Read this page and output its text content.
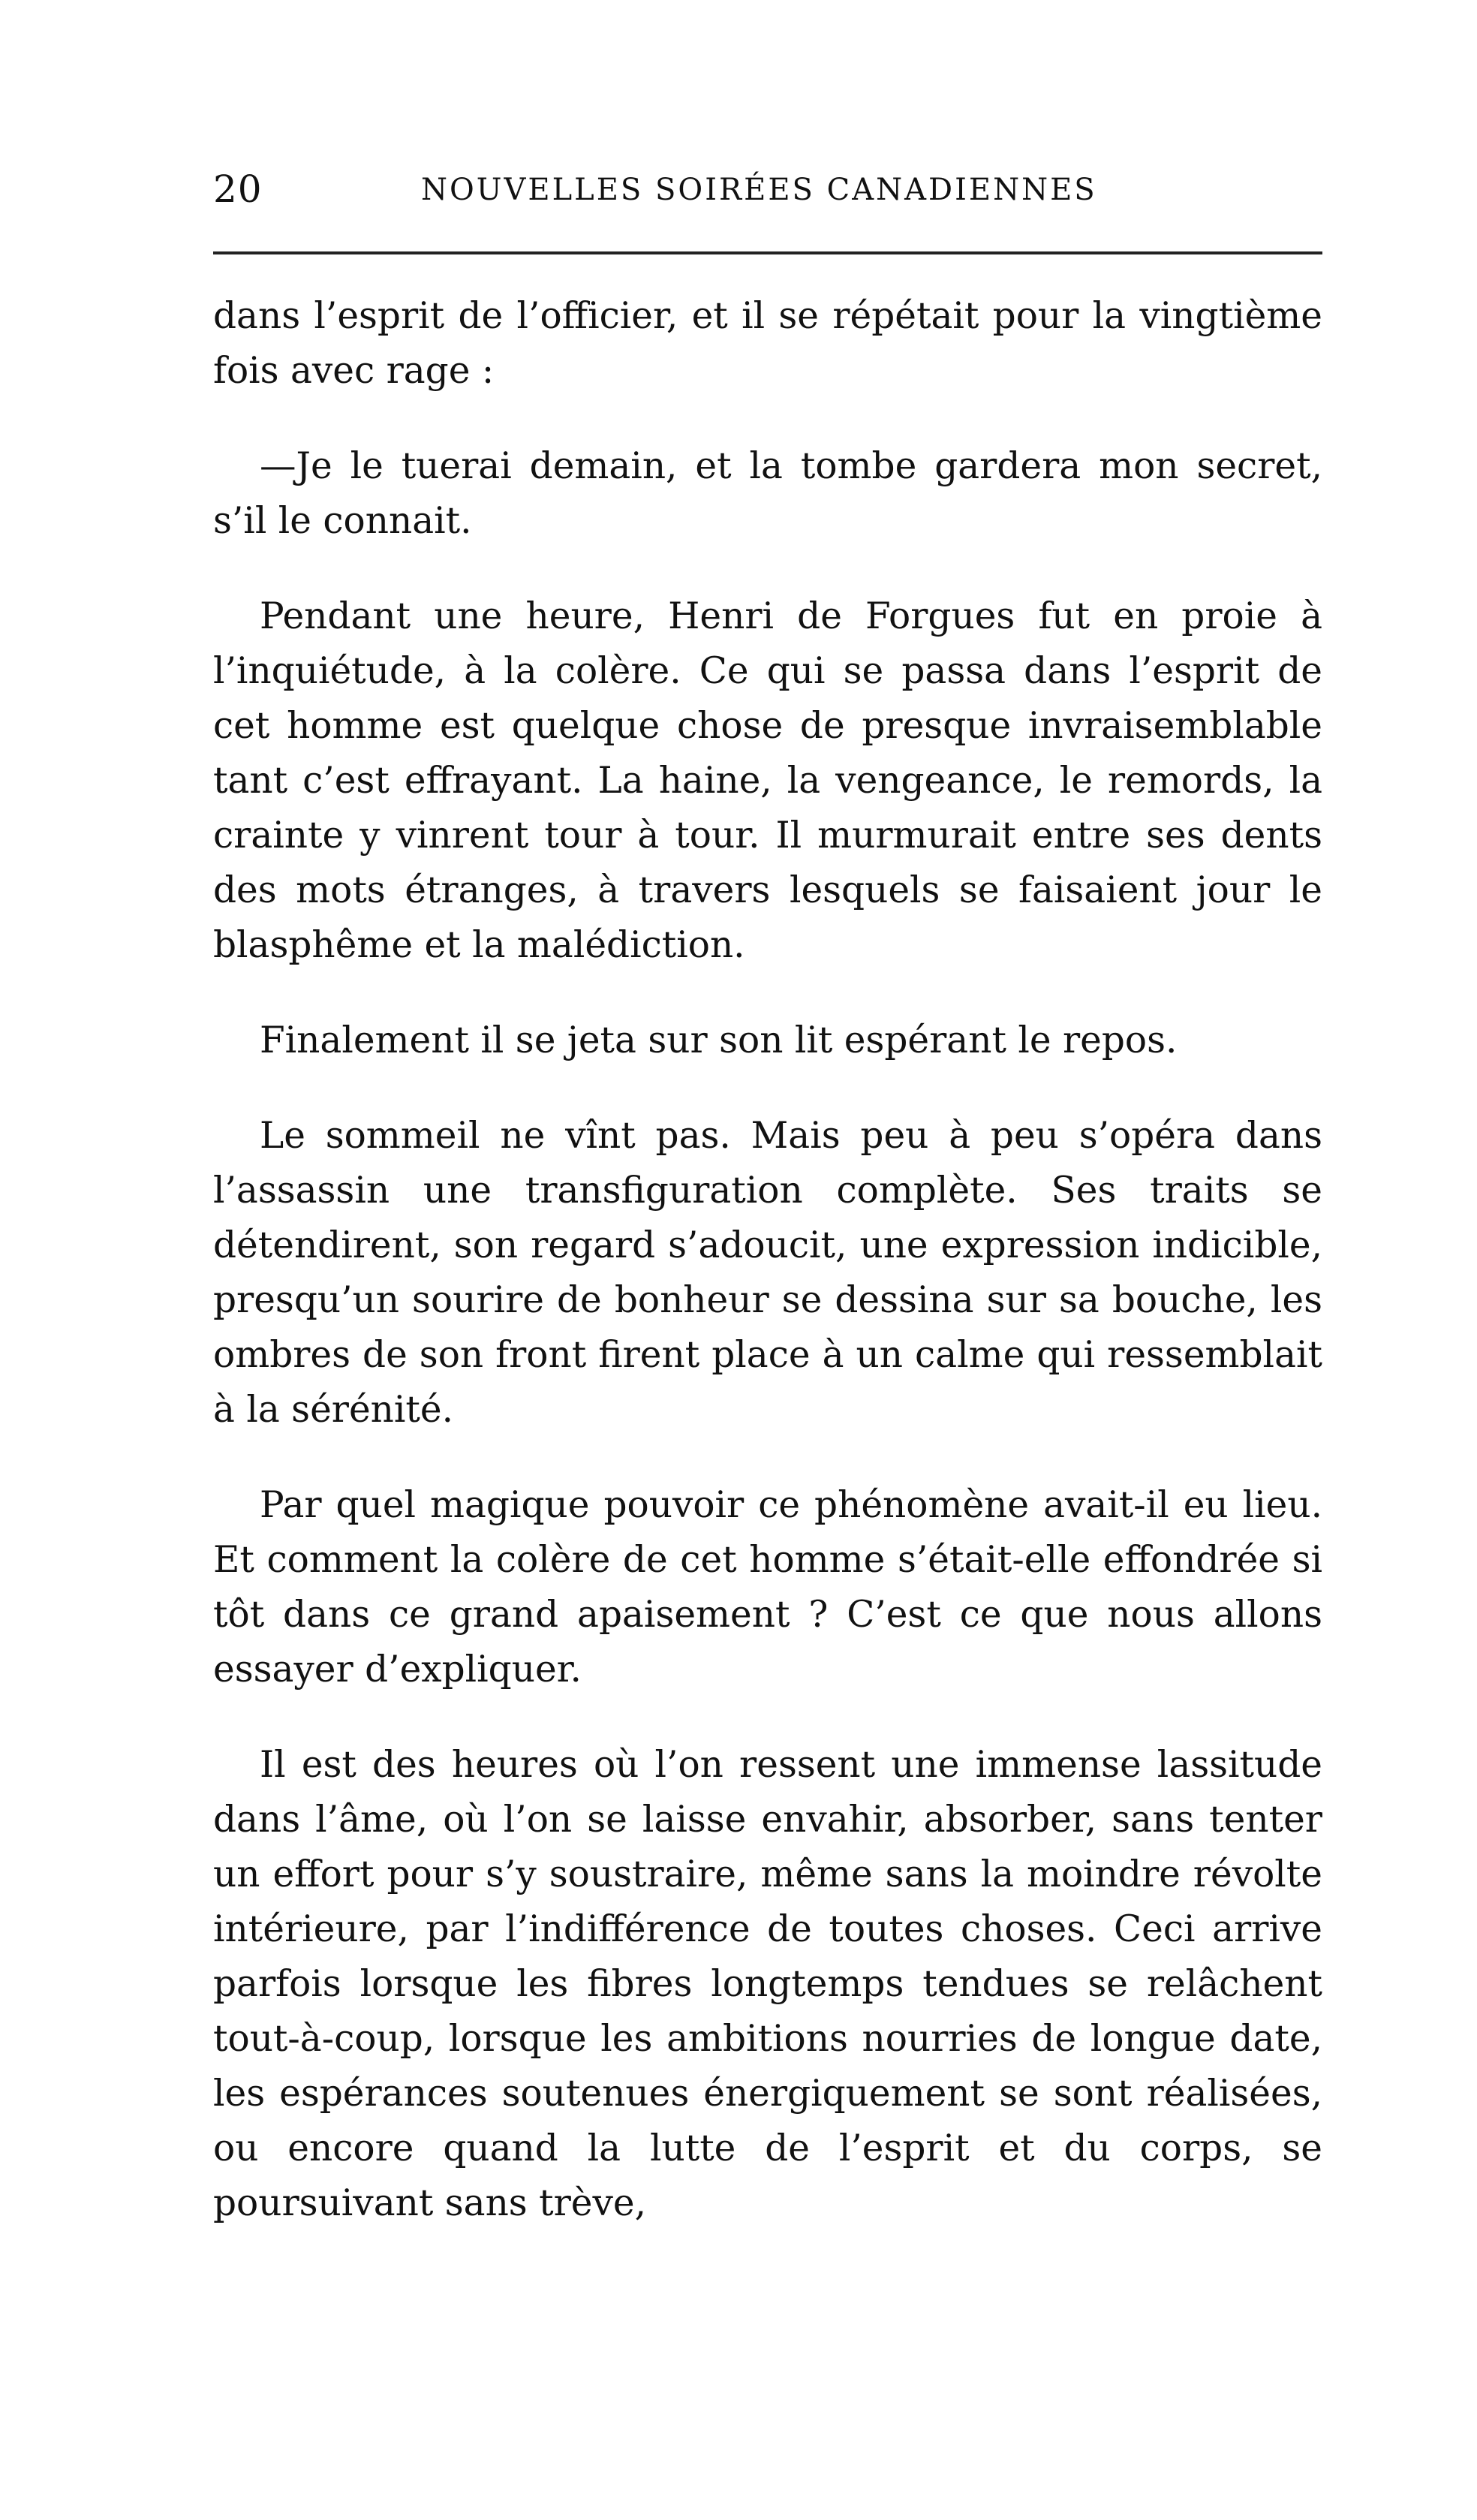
20	NOUVELLES SOIRÉES CANADIENNES

dans l’esprit de l’officier, et il se répétait pour la vingtième fois avec rage :

—Je le tuerai demain, et la tombe gardera mon secret, s’il le connait.

Pendant une heure, Henri de Forgues fut en proie à l’inquiétude, à la colère. Ce qui se passa dans l’esprit de cet homme est quelque chose de presque invraisemblable tant c’est effrayant. La haine, la vengeance, le remords, la crainte y vinrent tour à tour. Il murmurait entre ses dents des mots étranges, à travers lesquels se faisaient jour le blasphême et la malédiction.

Finalement il se jeta sur son lit espérant le repos.

Le sommeil ne vînt pas. Mais peu à peu s’opéra dans l’assassin une transfiguration complète. Ses traits se détendirent, son regard s’adoucit, une expression indicible, presqu’un sourire de bonheur se dessina sur sa bouche, les ombres de son front firent place à un calme qui ressemblait à la sérénité.

Par quel magique pouvoir ce phénomène avait-il eu lieu. Et comment la colère de cet homme s’était-elle effondrée si tôt dans ce grand apaisement ? C’est ce que nous allons essayer d’expliquer.

Il est des heures où l’on ressent une immense lassitude dans l’âme, où l’on se laisse envahir, absorber, sans tenter un effort pour s’y soustraire, même sans la moindre révolte intérieure, par l’indifférence de toutes choses. Ceci arrive parfois lorsque les fibres longtemps tendues se relâchent tout-à-coup, lorsque les ambitions nourries de longue date, les espérances soutenues énergiquement se sont réalisées, ou encore quand la lutte de l’esprit et du corps, se poursuivant sans trève,
